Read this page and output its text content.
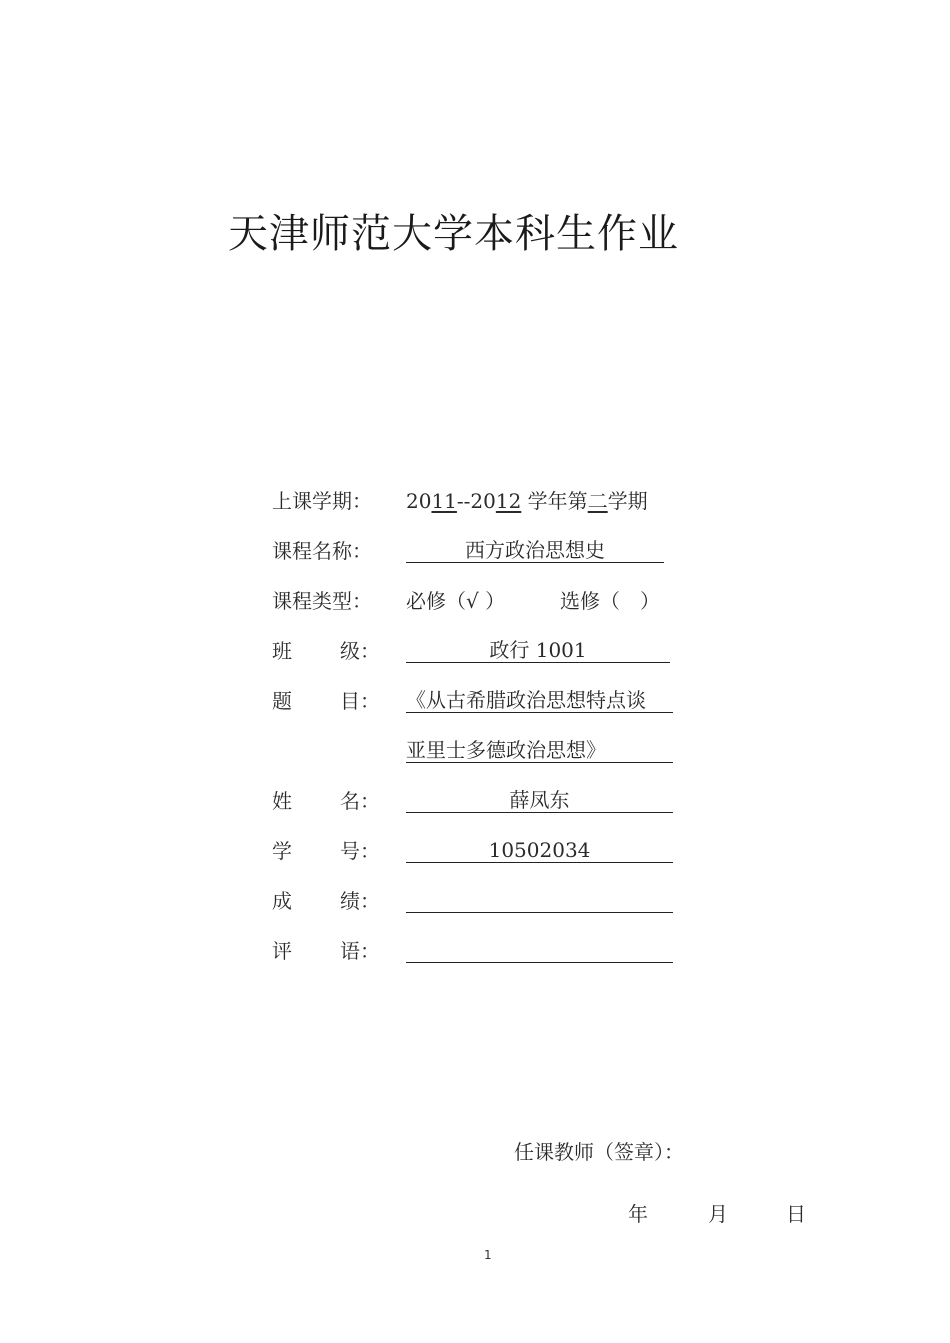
天津师范大学本科生作业
上课学期： 2011--2012 学年第二学期
课程名称：	西方政治思想史
课程类型： 必修（√ ）	选修（　）
班 级：	政行 1001
题 目： 《从古希腊政治思想特点谈
亚里士多德政治思想》
姓 名：	薛凤东
学 号：	10502034
成 绩：
评 语：
任课教师（签章）：
年	月	日
1
